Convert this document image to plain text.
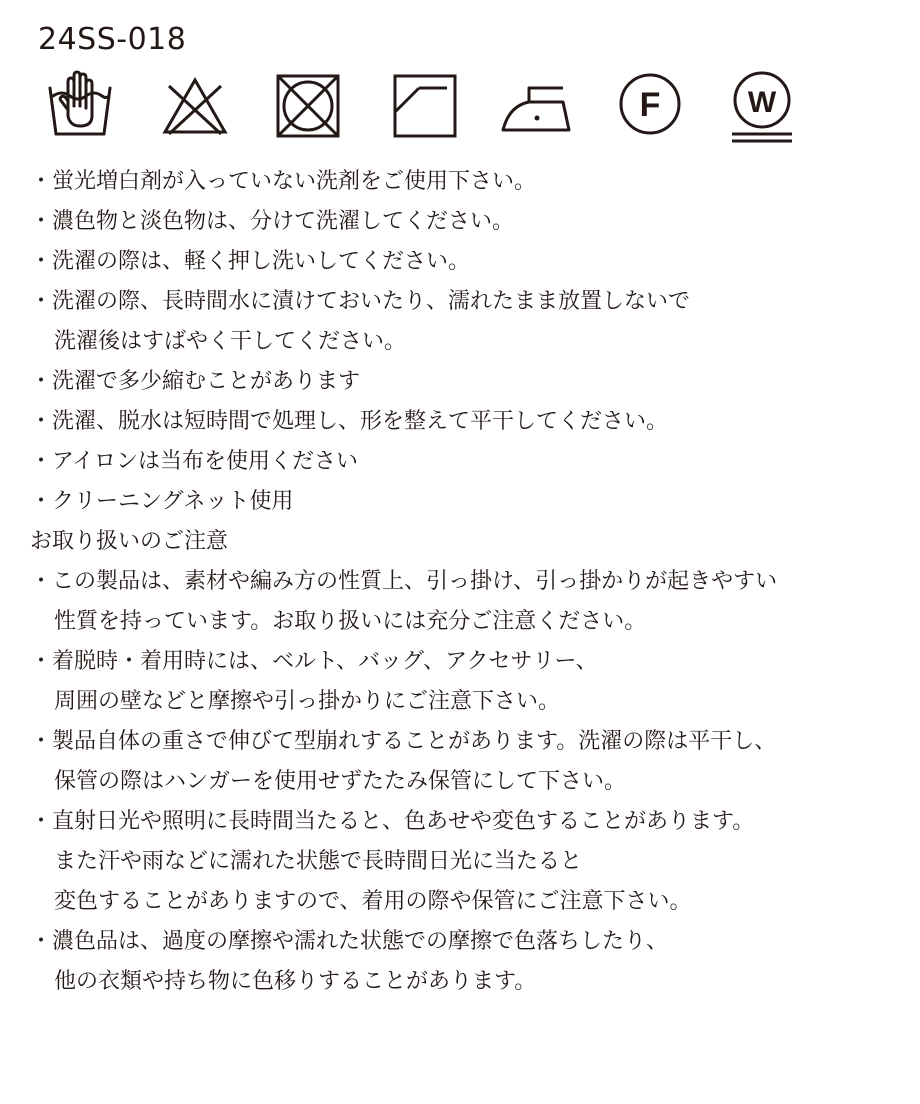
24SS-018
F	W
・蛍光増白剤が入っていない洗剤をご使用下さい。
・濃色物と淡色物は、分けて洗濯してください。
・洗濯の際は、軽く押し洗いしてください。
・洗濯の際、長時間水に漬けておいたり、濡れたまま放置しないで
洗濯後はすばやく干してください。
・洗濯で多少縮むことがあります
・洗濯、脱水は短時間で処理し、形を整えて平干してください。
・アイロンは当布を使用ください
・クリーニングネット使用
お取り扱いのご注意
・この製品は、素材や編み方の性質上、引っ掛け、引っ掛かりが起きやすい
性質を持っています。お取り扱いには充分ご注意ください。
・着脱時・着用時には、ベルト、バッグ、アクセサリー、
周囲の壁などと摩擦や引っ掛かりにご注意下さい。
・製品自体の重さで伸びて型崩れすることがあります。洗濯の際は平干し、
保管の際はハンガーを使用せずたたみ保管にして下さい。
・直射日光や照明に長時間当たると、色あせや変色することがあります。
また汗や雨などに濡れた状態で長時間日光に当たると
変色することがありますので、着用の際や保管にご注意下さい。
・濃色品は、過度の摩擦や濡れた状態での摩擦で色落ちしたり、
他の衣類や持ち物に色移りすることがあります。
